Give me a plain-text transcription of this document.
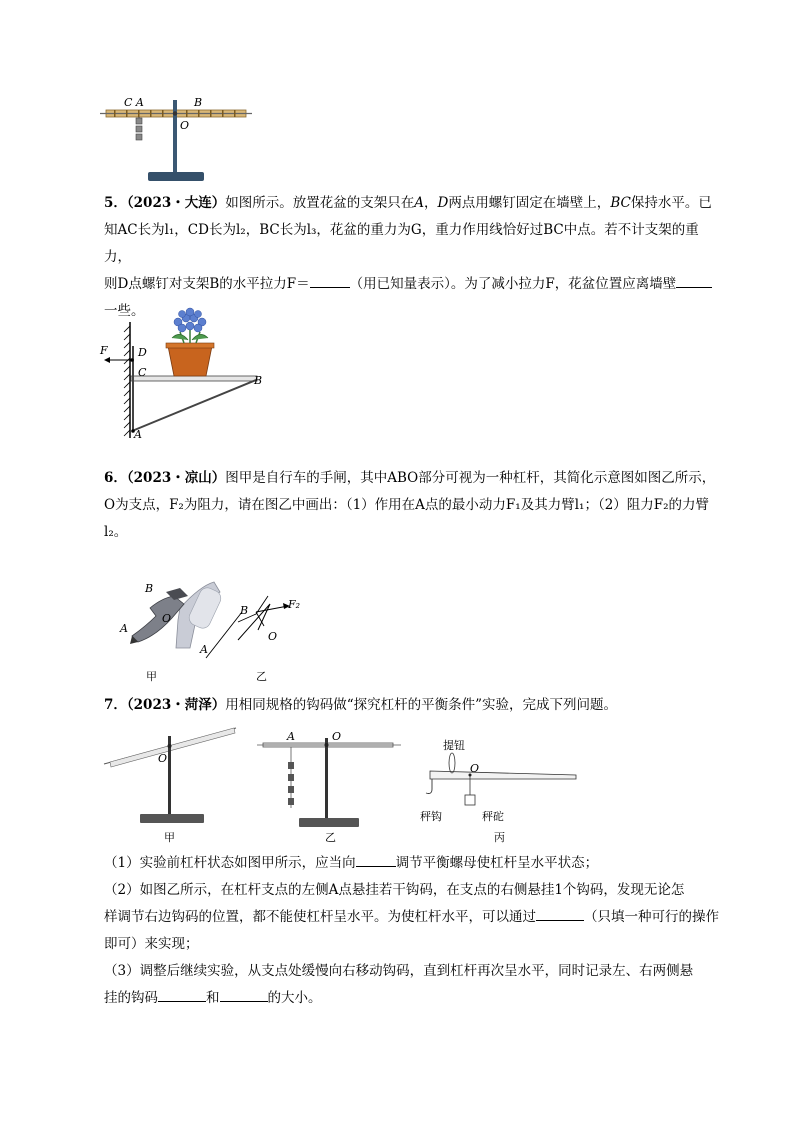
C A	B
O
5．（2023・大连）如图所示。放置花盆的支架只在A，D两点用螺钉固定在墙壁上，BC保持水平。已
知AC长为l₁，CD长为l₂，BC长为l₃，花盆的重力为G，重力作用线恰好过BC中点。若不计支架的重力，
则D点螺钉对支架B的水平拉力F＝	（用已知量表示）。为了减小拉力F，花盆位置应离墙壁
一些。
F	D
C
B
A
6．（2023・凉山）图甲是自行车的手闸，其中ABO部分可视为一种杠杆，其简化示意图如图乙所示，
O为支点，F₂为阻力，请在图乙中画出：（1）作用在A点的最小动力F₁及其力臂l₁；（2）阻力F₂的力臂
l₂。
B
A
O
甲
B	F₂
O
A
乙
7．（2023・菏泽）用相同规格的钩码做“探究杠杆的平衡条件”实验，完成下列问题。
O
甲
A	O
乙
提钮
O
秤钩	秤砣
丙
（1）实验前杠杆状态如图甲所示，应当向	调节平衡螺母使杠杆呈水平状态；
（2）如图乙所示，在杠杆支点的左侧A点悬挂若干钩码，在支点的右侧悬挂1个钩码，发现无论怎
样调节右边钩码的位置，都不能使杠杆呈水平。为使杠杆水平，可以通过	（只填一种可行的操作
即可）来实现；
（3）调整后继续实验，从支点处缓慢向右移动钩码，直到杠杆再次呈水平，同时记录左、右两侧悬
挂的钩码	和	的大小。
